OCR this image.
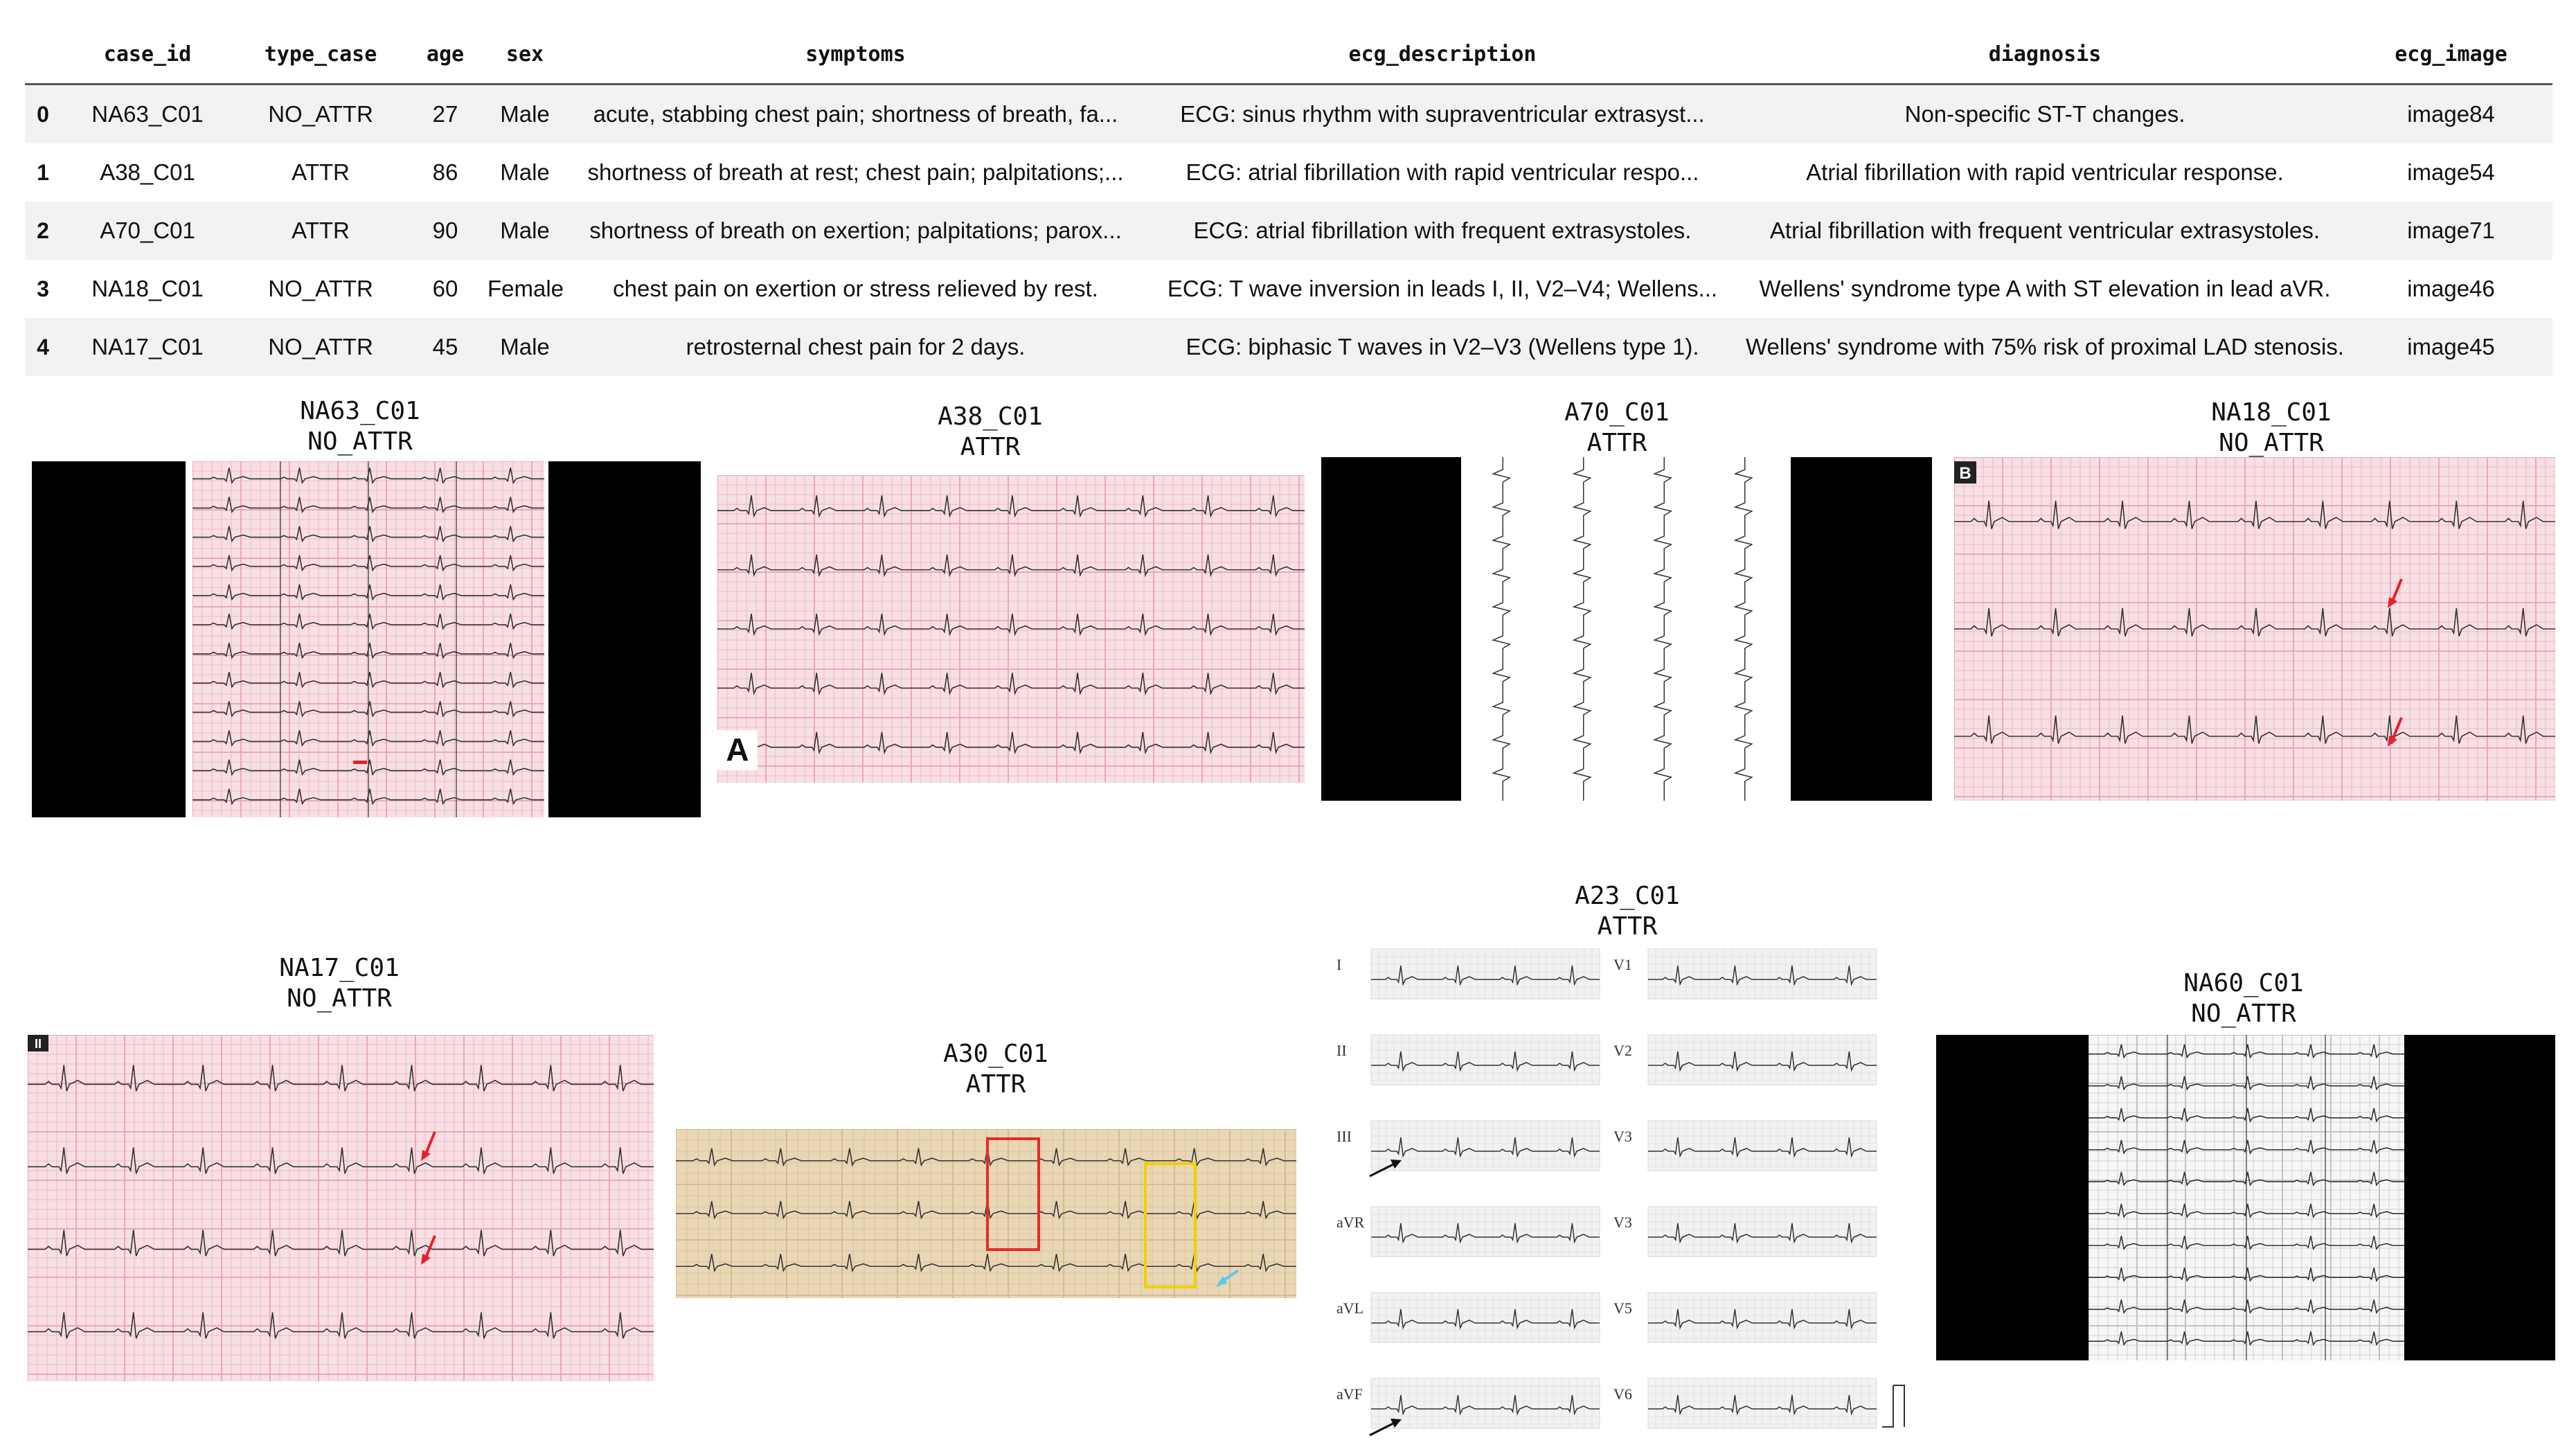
	case_id	type_case	age	sex	symptoms	ecg_description	diagnosis	ecg_image
0	NA63_C01	NO_ATTR	27	Male	acute, stabbing chest pain; shortness of breath, fa...	ECG: sinus rhythm with supraventricular extrasyst...	Non-specific ST-T changes.	image84
1	A38_C01	ATTR	86	Male	shortness of breath at rest; chest pain; palpitations;...	ECG: atrial fibrillation with rapid ventricular respo...	Atrial fibrillation with rapid ventricular response.	image54
2	A70_C01	ATTR	90	Male	shortness of breath on exertion; palpitations; parox...	ECG: atrial fibrillation with frequent extrasystoles.	Atrial fibrillation with frequent ventricular extrasystoles.	image71
3	NA18_C01	NO_ATTR	60	Female	chest pain on exertion or stress relieved by rest.	ECG: T wave inversion in leads I, II, V2–V4; Wellens...	Wellens' syndrome type A with ST elevation in lead aVR.	image46
4	NA17_C01	NO_ATTR	45	Male	retrosternal chest pain for 2 days.	ECG: biphasic T waves in V2–V3 (Wellens type 1).	Wellens' syndrome with 75% risk of proximal LAD stenosis.	image45
NA63_C01
NO_ATTR
A38_C01
ATTR
A
A70_C01
ATTR
NA18_C01
NO_ATTR
B
NA17_C01
NO_ATTR
II	A30_C01
ATTR
A23_C01
ATTR
I	V1
II	V2
III	V3
aVR	V3
aVL	V5
aVF	V6
NA60_C01
NO_ATTR
